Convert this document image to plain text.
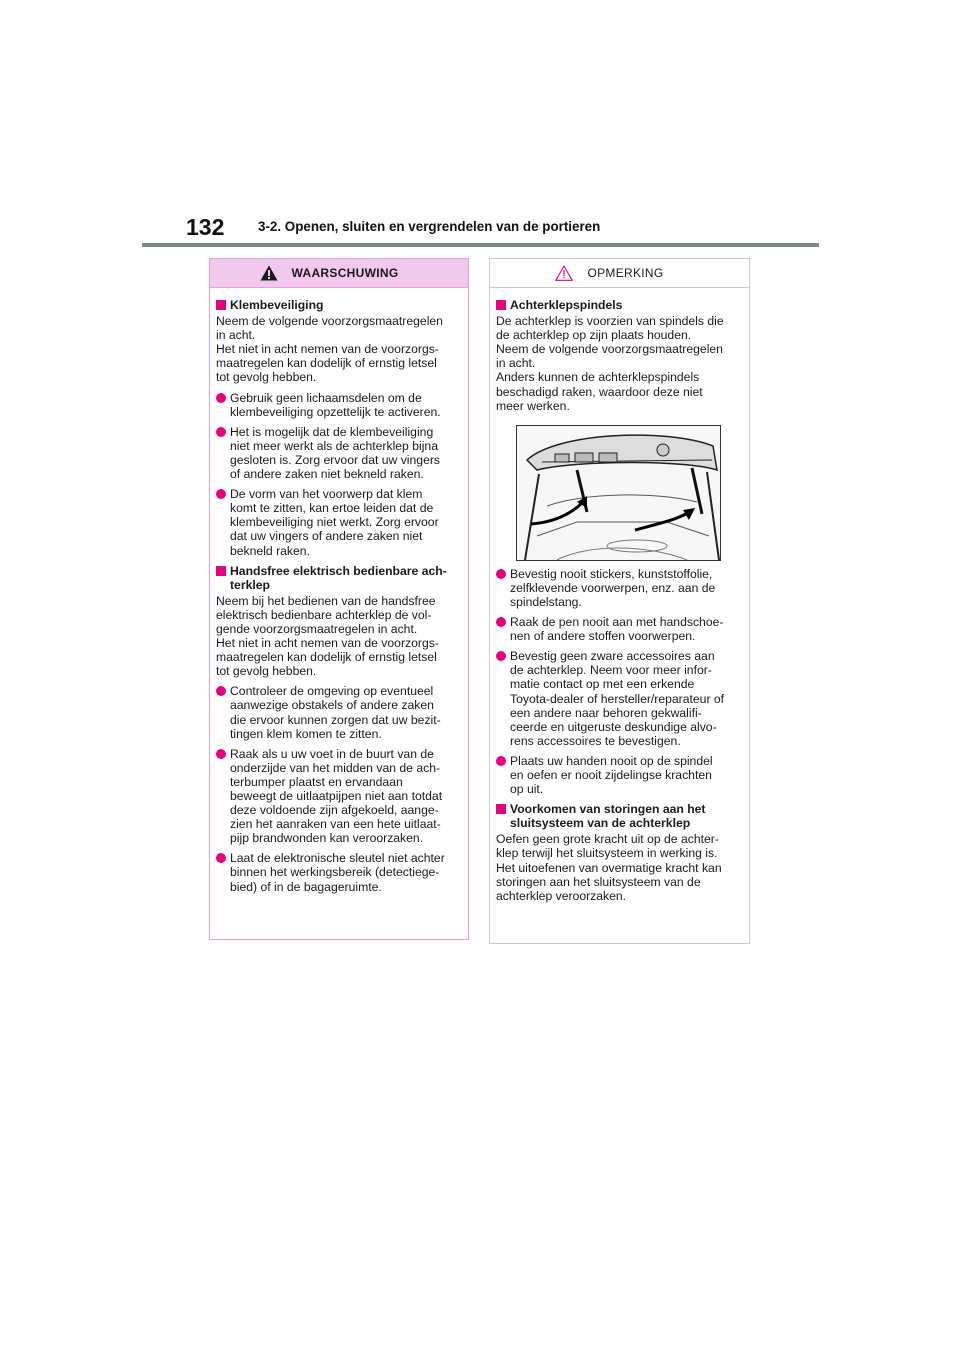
132	3-2. Openen, sluiten en vergrendelen van de portieren
WAARSCHUWING
Klembeveiliging
Neem de volgende voorzorgsmaatregelen
in acht.
Het niet in acht nemen van de voorzorgs-
maatregelen kan dodelijk of ernstig letsel
tot gevolg hebben.
Gebruik geen lichaamsdelen om de
klembeveiliging opzettelijk te activeren.
Het is mogelijk dat de klembeveiliging
niet meer werkt als de achterklep bijna
gesloten is. Zorg ervoor dat uw vingers
of andere zaken niet bekneld raken.
De vorm van het voorwerp dat klem
komt te zitten, kan ertoe leiden dat de
klembeveiliging niet werkt. Zorg ervoor
dat uw vingers of andere zaken niet
bekneld raken.
Handsfree elektrisch bedienbare ach-
terklep
Neem bij het bedienen van de handsfree
elektrisch bedienbare achterklep de vol-
gende voorzorgsmaatregelen in acht.
Het niet in acht nemen van de voorzorgs-
maatregelen kan dodelijk of ernstig letsel
tot gevolg hebben.
Controleer de omgeving op eventueel
aanwezige obstakels of andere zaken
die ervoor kunnen zorgen dat uw bezit-
tingen klem komen te zitten.
Raak als u uw voet in de buurt van de
onderzijde van het midden van de ach-
terbumper plaatst en ervandaan
beweegt de uitlaatpijpen niet aan totdat
deze voldoende zijn afgekoeld, aange-
zien het aanraken van een hete uitlaat-
pijp brandwonden kan veroorzaken.
Laat de elektronische sleutel niet achter
binnen het werkingsbereik (detectiege-
bied) of in de bagageruimte.
OPMERKING
Achterklepspindels
De achterklep is voorzien van spindels die
de achterklep op zijn plaats houden.
Neem de volgende voorzorgsmaatregelen
in acht.
Anders kunnen de achterklepspindels
beschadigd raken, waardoor deze niet
meer werken.
Bevestig nooit stickers, kunststoffolie,
zelfklevende voorwerpen, enz. aan de
spindelstang.
Raak de pen nooit aan met handschoe-
nen of andere stoffen voorwerpen.
Bevestig geen zware accessoires aan
de achterklep. Neem voor meer infor-
matie contact op met een erkende
Toyota-dealer of hersteller/reparateur of
een andere naar behoren gekwalifi-
ceerde en uitgeruste deskundige alvo-
rens accessoires te bevestigen.
Plaats uw handen nooit op de spindel
en oefen er nooit zijdelingse krachten
op uit.
Voorkomen van storingen aan het
sluitsysteem van de achterklep
Oefen geen grote kracht uit op de achter-
klep terwijl het sluitsysteem in werking is.
Het uitoefenen van overmatige kracht kan
storingen aan het sluitsysteem van de
achterklep veroorzaken.
